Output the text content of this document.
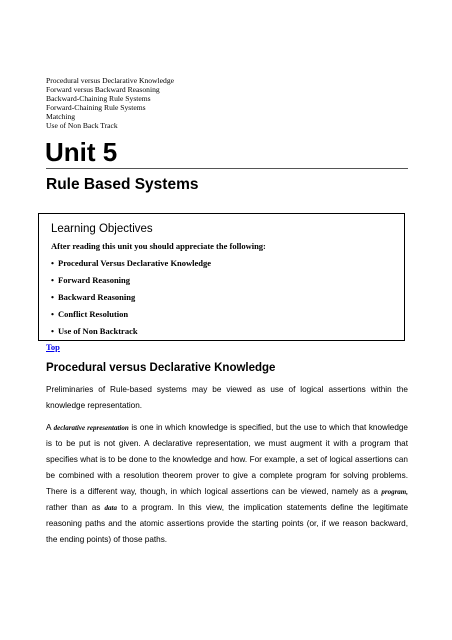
Procedural versus Declarative Knowledge
Forward versus Backward Reasoning
Backward-Chaining Rule Systems
Forward-Chaining Rule Systems
Matching
Use of Non Back Track
Unit 5
Rule Based Systems
Learning Objectives
After reading this unit you should appreciate the following:
• Procedural Versus Declarative Knowledge
• Forward Reasoning
• Backward Reasoning
• Conflict Resolution
• Use of Non Backtrack
Top
Procedural versus Declarative Knowledge

Preliminaries of Rule-based systems may be viewed as use of logical assertions within the knowledge representation.

A declarative representation is one in which knowledge is specified, but the use to which that knowledge is to be put is not given. A declarative representation, we must augment it with a program that specifies what is to be done to the knowledge and how. For example, a set of logical assertions can be combined with a resolution theorem prover to give a complete program for solving problems. There is a different way, though, in which logical assertions can be viewed, namely as a program, rather than as data to a program. In this view, the implication statements define the legitimate reasoning paths and the atomic assertions provide the starting points (or, if we reason backward, the ending points) of those paths.
